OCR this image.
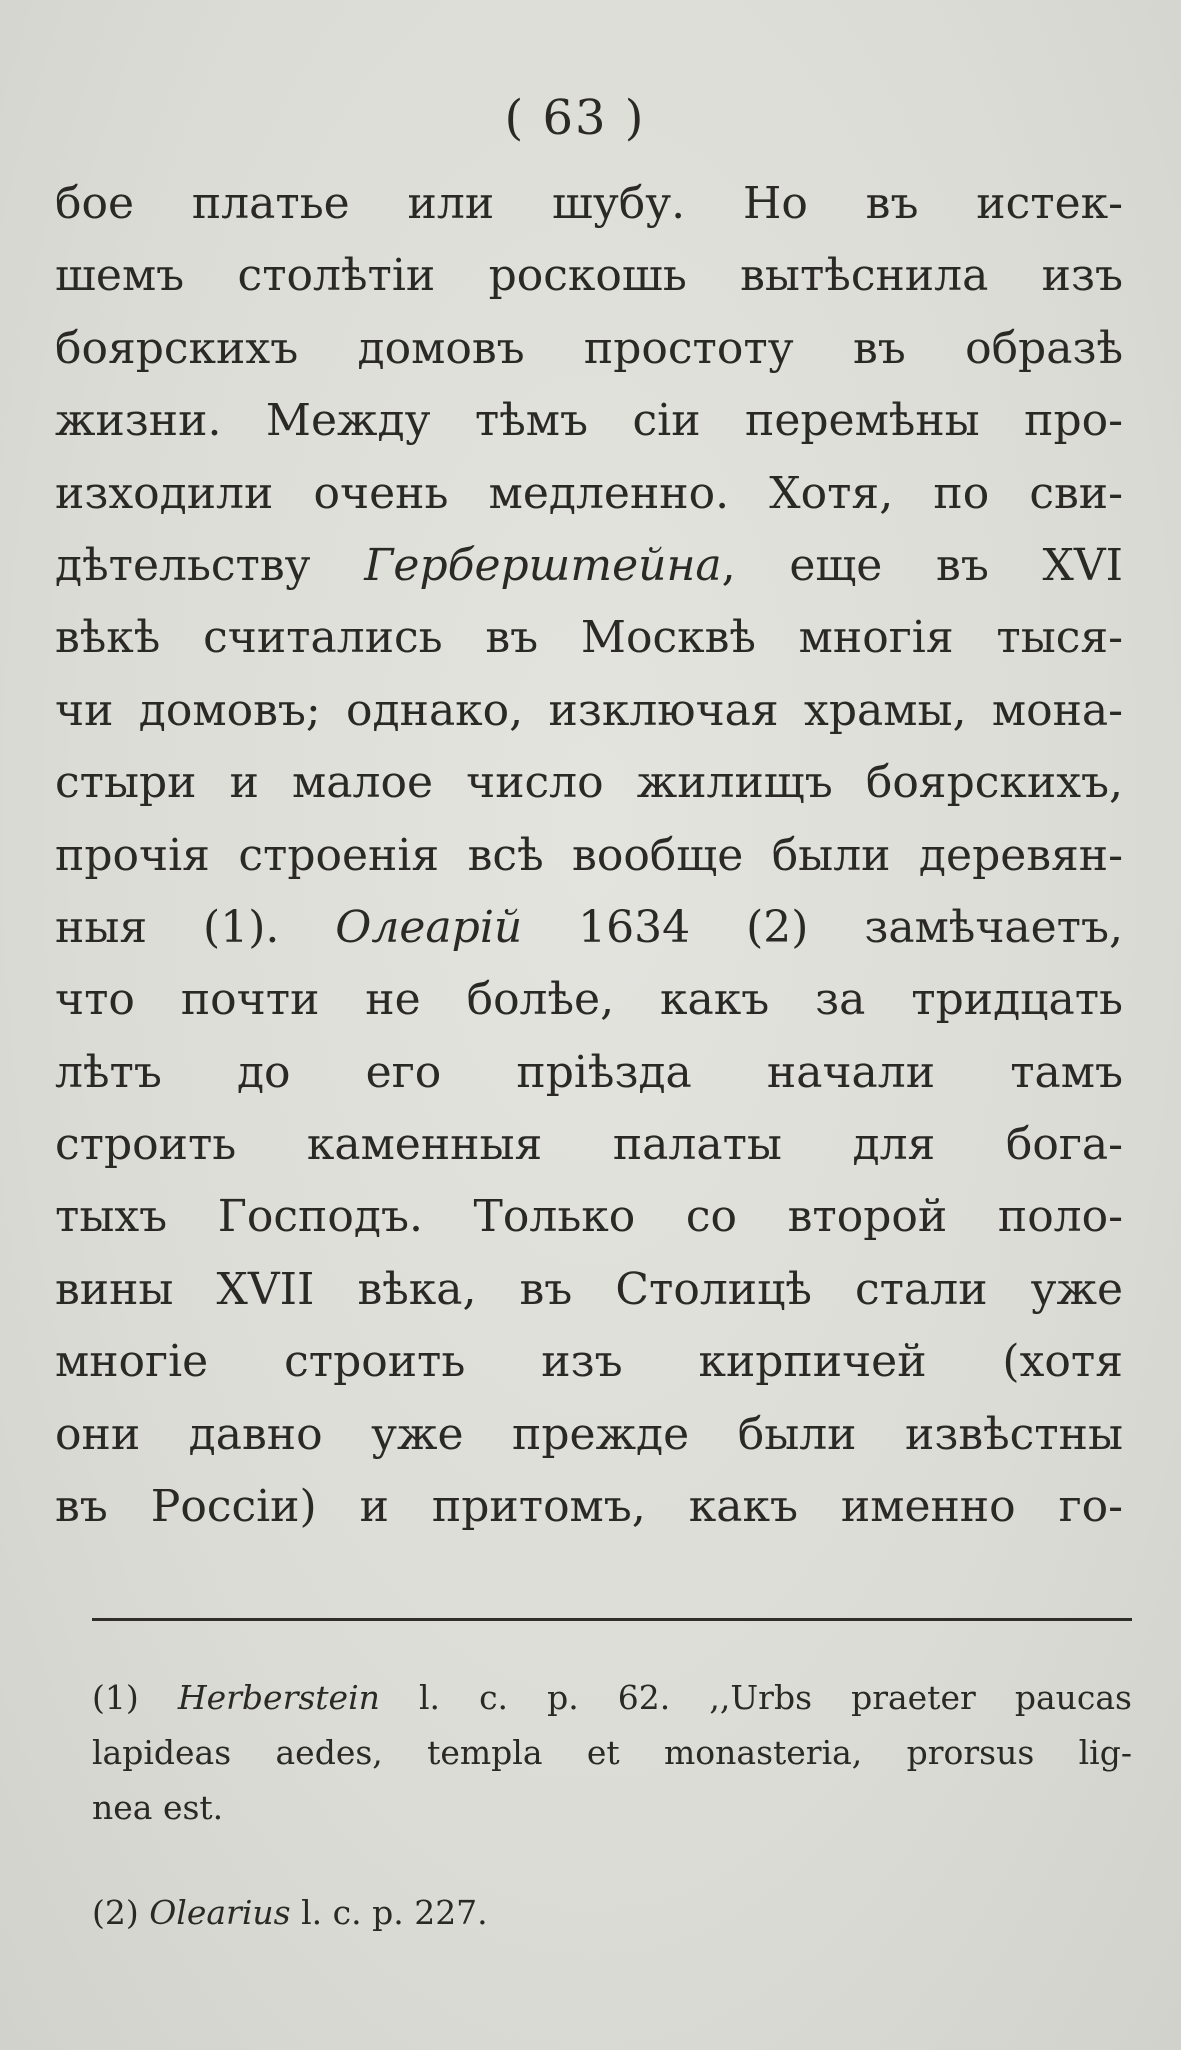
( 63 )
бое платье или шубу. Но въ истек-
шемъ столѣтіи роскошь вытѣснила изъ
боярскихъ домовъ простоту въ образѣ
жизни. Между тѣмъ сіи перемѣны про-
изходили очень медленно. Хотя, по сви-
дѣтельству Герберштейна, еще въ XVI
вѣкѣ считались въ Москвѣ многія тыся-
чи домовъ; однако, изключая храмы, мона-
стыри и малое число жилищъ боярскихъ,
прочія строенія всѣ вообще были деревян-
ныя (1). Олеарій 1634 (2) замѣчаетъ,
что почти не болѣе, какъ за тридцать
лѣтъ до его пріѣзда начали тамъ
строить каменныя палаты для бога-
тыхъ Господъ. Только со второй поло-
вины XVII вѣка, въ Столицѣ стали уже
многіе строить изъ кирпичей (хотя
они давно уже прежде были извѣстны
въ Россіи) и притомъ, какъ именно го-
(1) Herberstein l. c. p. 62. ,,Urbs praeter paucas
lapideas aedes, templa et monasteria, prorsus lig-
nea est.
(2) Olearius l. c. p. 227.
